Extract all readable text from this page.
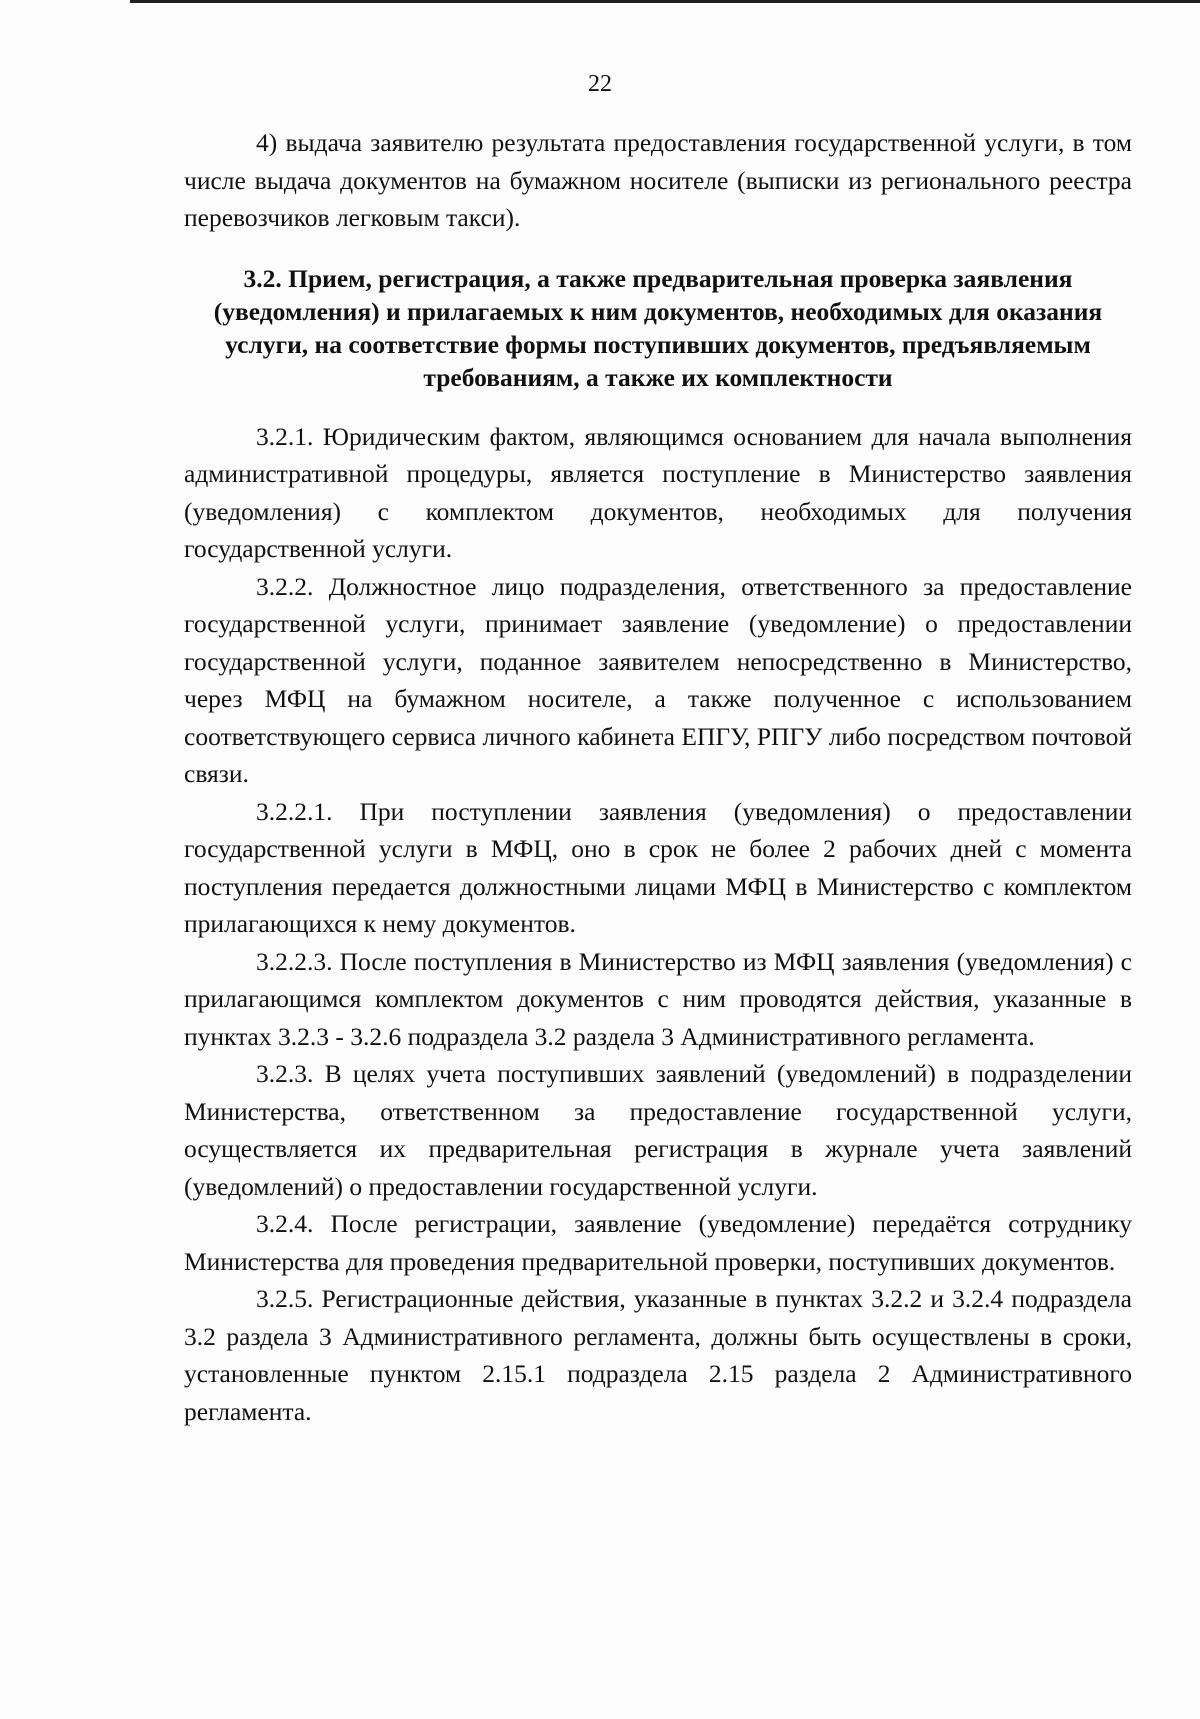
22

4) выдача заявителю результата предоставления государственной услуги, в том числе выдача документов на бумажном носителе (выписки из регионального реестра перевозчиков легковым такси).

3.2. Прием, регистрация, а также предварительная проверка заявления (уведомления) и прилагаемых к ним документов, необходимых для оказания услуги, на соответствие формы поступивших документов, предъявляемым требованиям, а также их комплектности

3.2.1. Юридическим фактом, являющимся основанием для начала выполнения административной процедуры, является поступление в Министерство заявления (уведомления) с комплектом документов, необходимых для получения государственной услуги.

3.2.2. Должностное лицо подразделения, ответственного за предоставление государственной услуги, принимает заявление (уведомление) о предоставлении государственной услуги, поданное заявителем непосредственно в Министерство, через МФЦ на бумажном носителе, а также полученное с использованием соответствующего сервиса личного кабинета ЕПГУ, РПГУ либо посредством почтовой связи.

3.2.2.1. При поступлении заявления (уведомления) о предоставлении государственной услуги в МФЦ, оно в срок не более 2 рабочих дней с момента поступления передается должностными лицами МФЦ в Министерство с комплектом прилагающихся к нему документов.

3.2.2.3. После поступления в Министерство из МФЦ заявления (уведомления) с прилагающимся комплектом документов с ним проводятся действия, указанные в пунктах 3.2.3 - 3.2.6 подраздела 3.2 раздела 3 Административного регламента.

3.2.3. В целях учета поступивших заявлений (уведомлений) в подразделении Министерства, ответственном за предоставление государственной услуги, осуществляется их предварительная регистрация в журнале учета заявлений (уведомлений) о предоставлении государственной услуги.

3.2.4. После регистрации, заявление (уведомление) передаётся сотруднику Министерства для проведения предварительной проверки, поступивших документов.

3.2.5. Регистрационные действия, указанные в пунктах 3.2.2 и 3.2.4 подраздела 3.2 раздела 3 Административного регламента, должны быть осуществлены в сроки, установленные пунктом 2.15.1 подраздела 2.15 раздела 2 Административного регламента.
